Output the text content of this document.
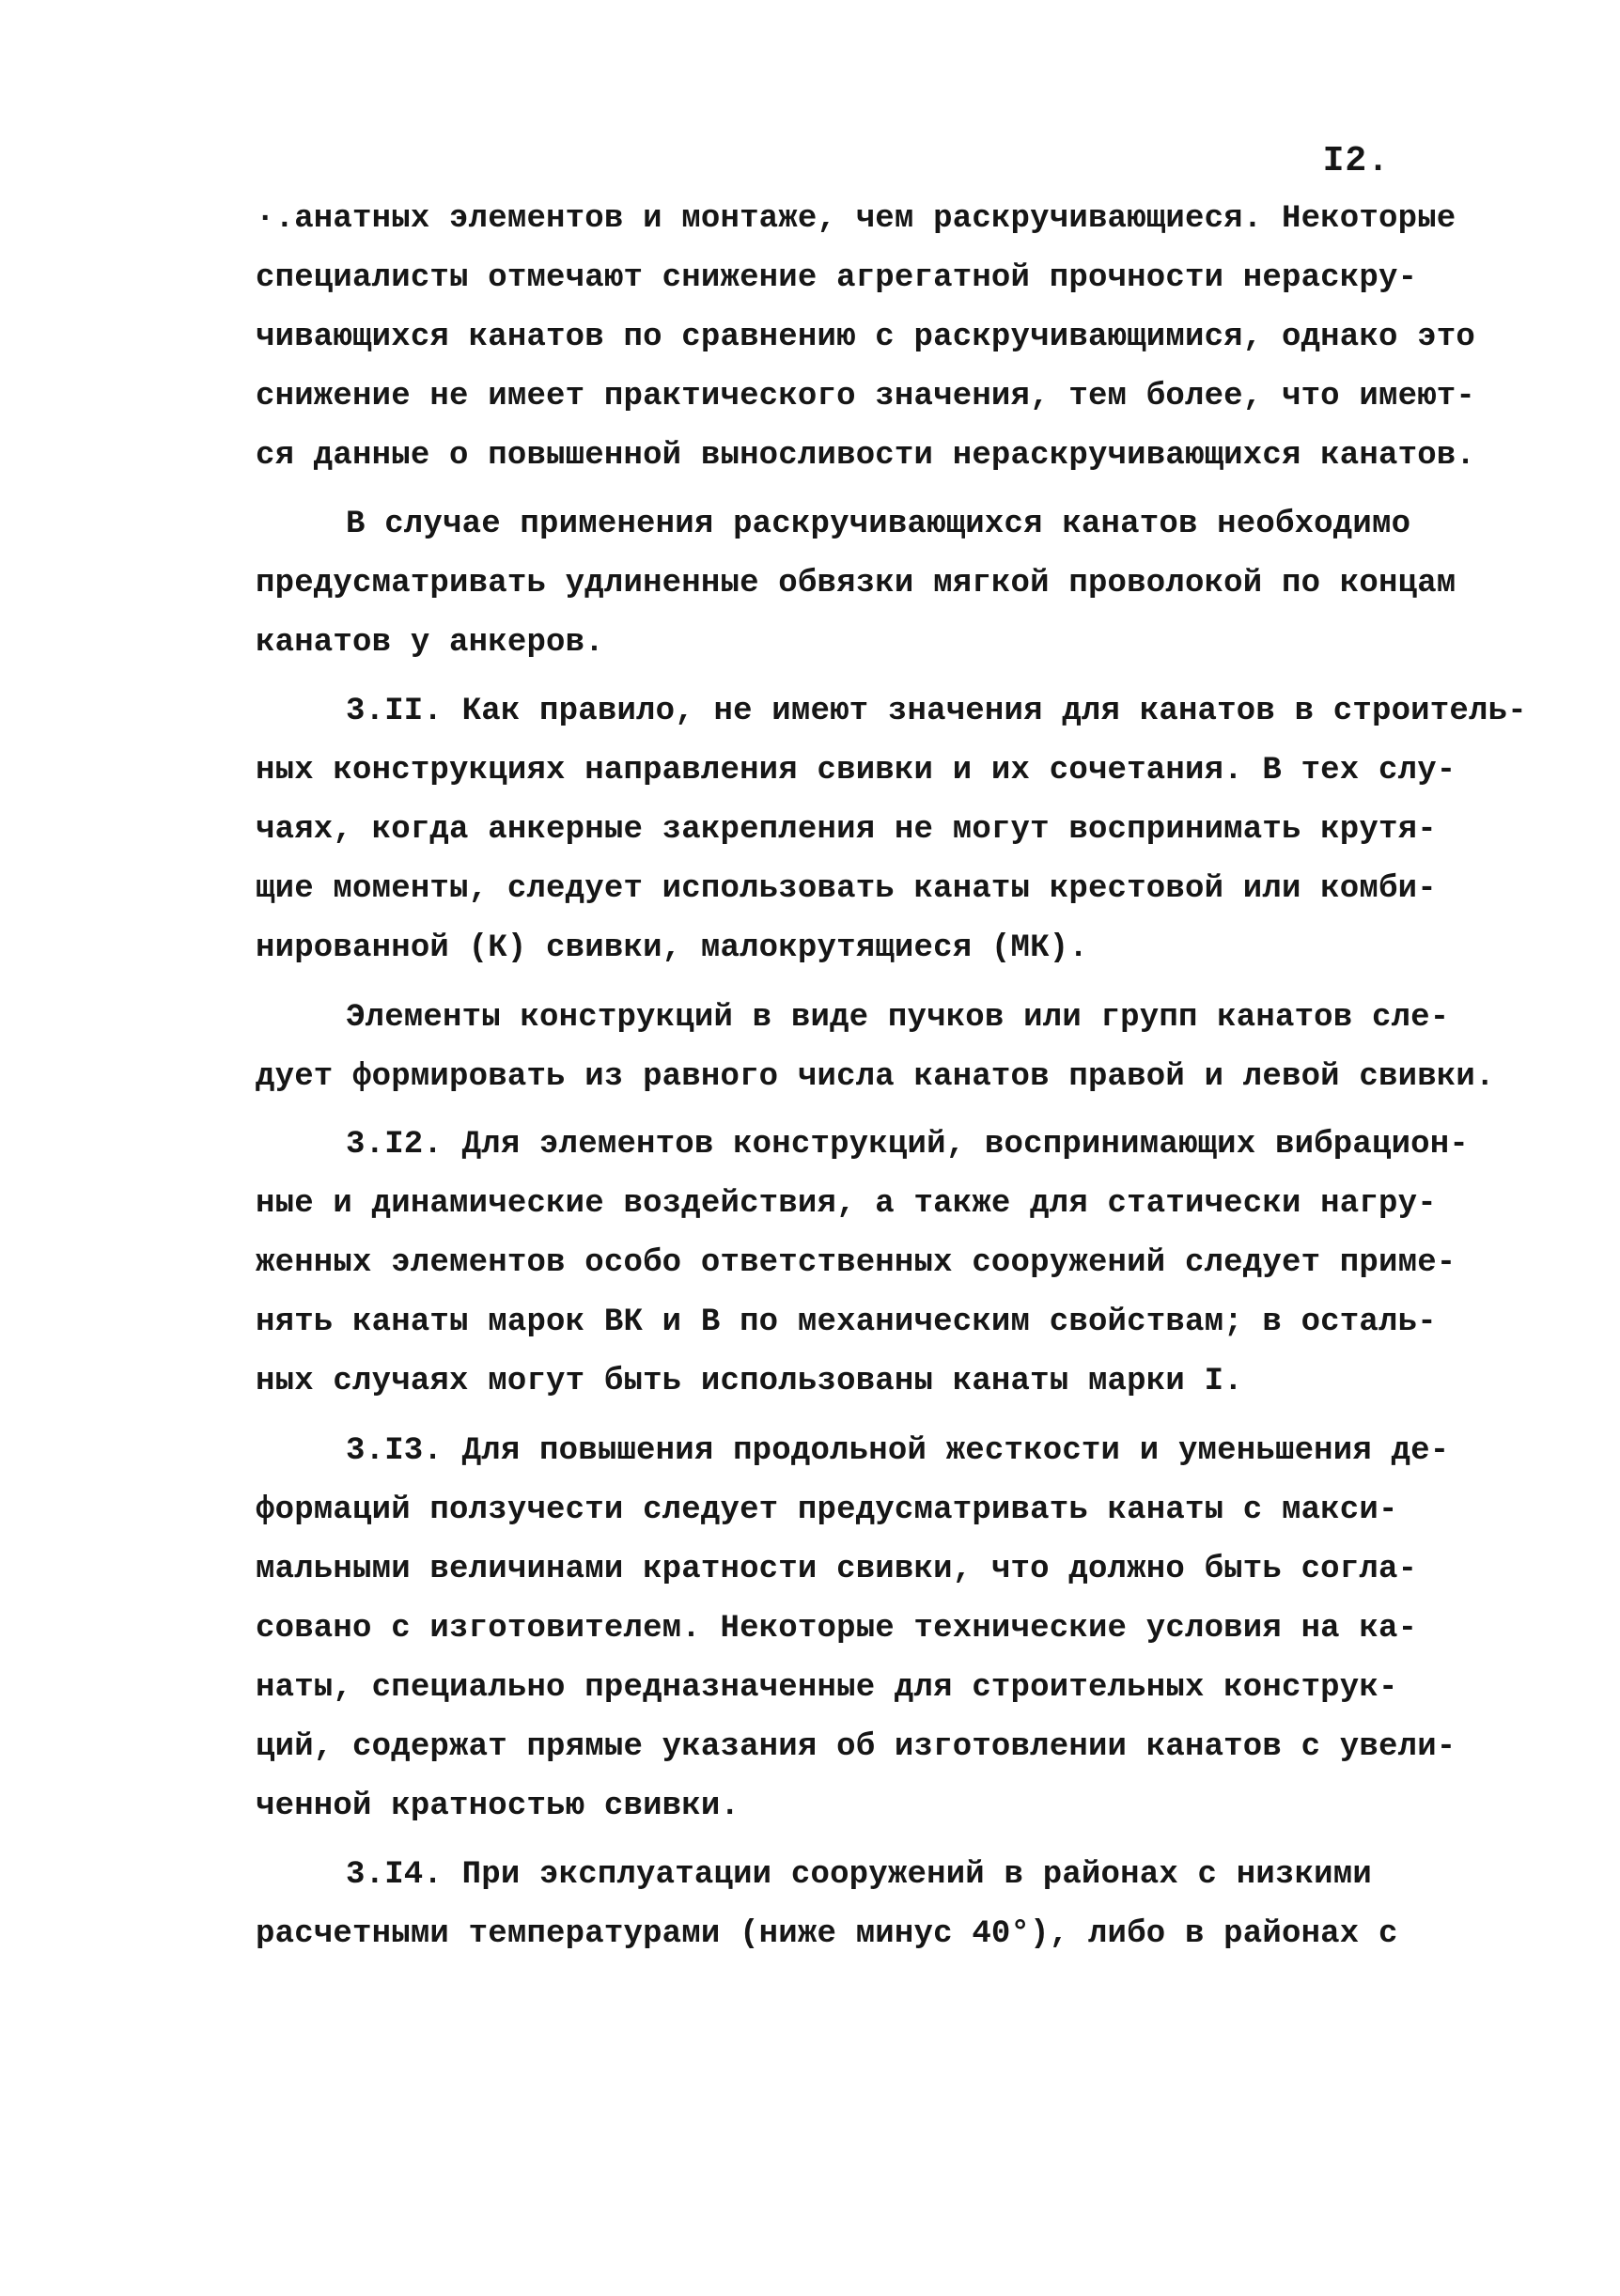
I2.
·.анатных элементов и монтаже, чем раскручивающиеся. Некоторые
специалисты отмечают снижение агрегатной прочности нераскру-
чивающихся канатов по сравнению с раскручивающимися, однако это
снижение не имеет практического значения, тем более, что имеют-
ся данные о повышенной выносливости нераскручивающихся канатов.
В случае применения раскручивающихся канатов необходимо
предусматривать удлиненные обвязки мягкой проволокой по концам
канатов у анкеров.
3.II. Как правило, не имеют значения для канатов в строитель-
ных конструкциях направления свивки и их сочетания. В тех слу-
чаях, когда анкерные закрепления не могут воспринимать крутя-
щие моменты, следует использовать канаты крестовой или комби-
нированной (К) свивки, малокрутящиеся (МК).
Элементы конструкций в виде пучков или групп канатов сле-
дует формировать из равного числа канатов правой и левой свивки.
3.I2. Для элементов конструкций, воспринимающих вибрацион-
ные и динамические воздействия, а также для статически нагру-
женных элементов особо ответственных сооружений следует приме-
нять канаты марок ВК и В по механическим свойствам; в осталь-
ных случаях могут быть использованы канаты марки I.
3.I3. Для повышения продольной жесткости и уменьшения де-
формаций ползучести следует предусматривать канаты с макси-
мальными величинами кратности свивки, что должно быть согла-
совано с изготовителем. Некоторые технические условия на ка-
наты, специально предназначенные для строительных конструк-
ций, содержат прямые указания об изготовлении канатов с увели-
ченной кратностью свивки.
3.I4. При эксплуатации сооружений в районах с низкими
расчетными температурами (ниже минус 40°), либо в районах с
